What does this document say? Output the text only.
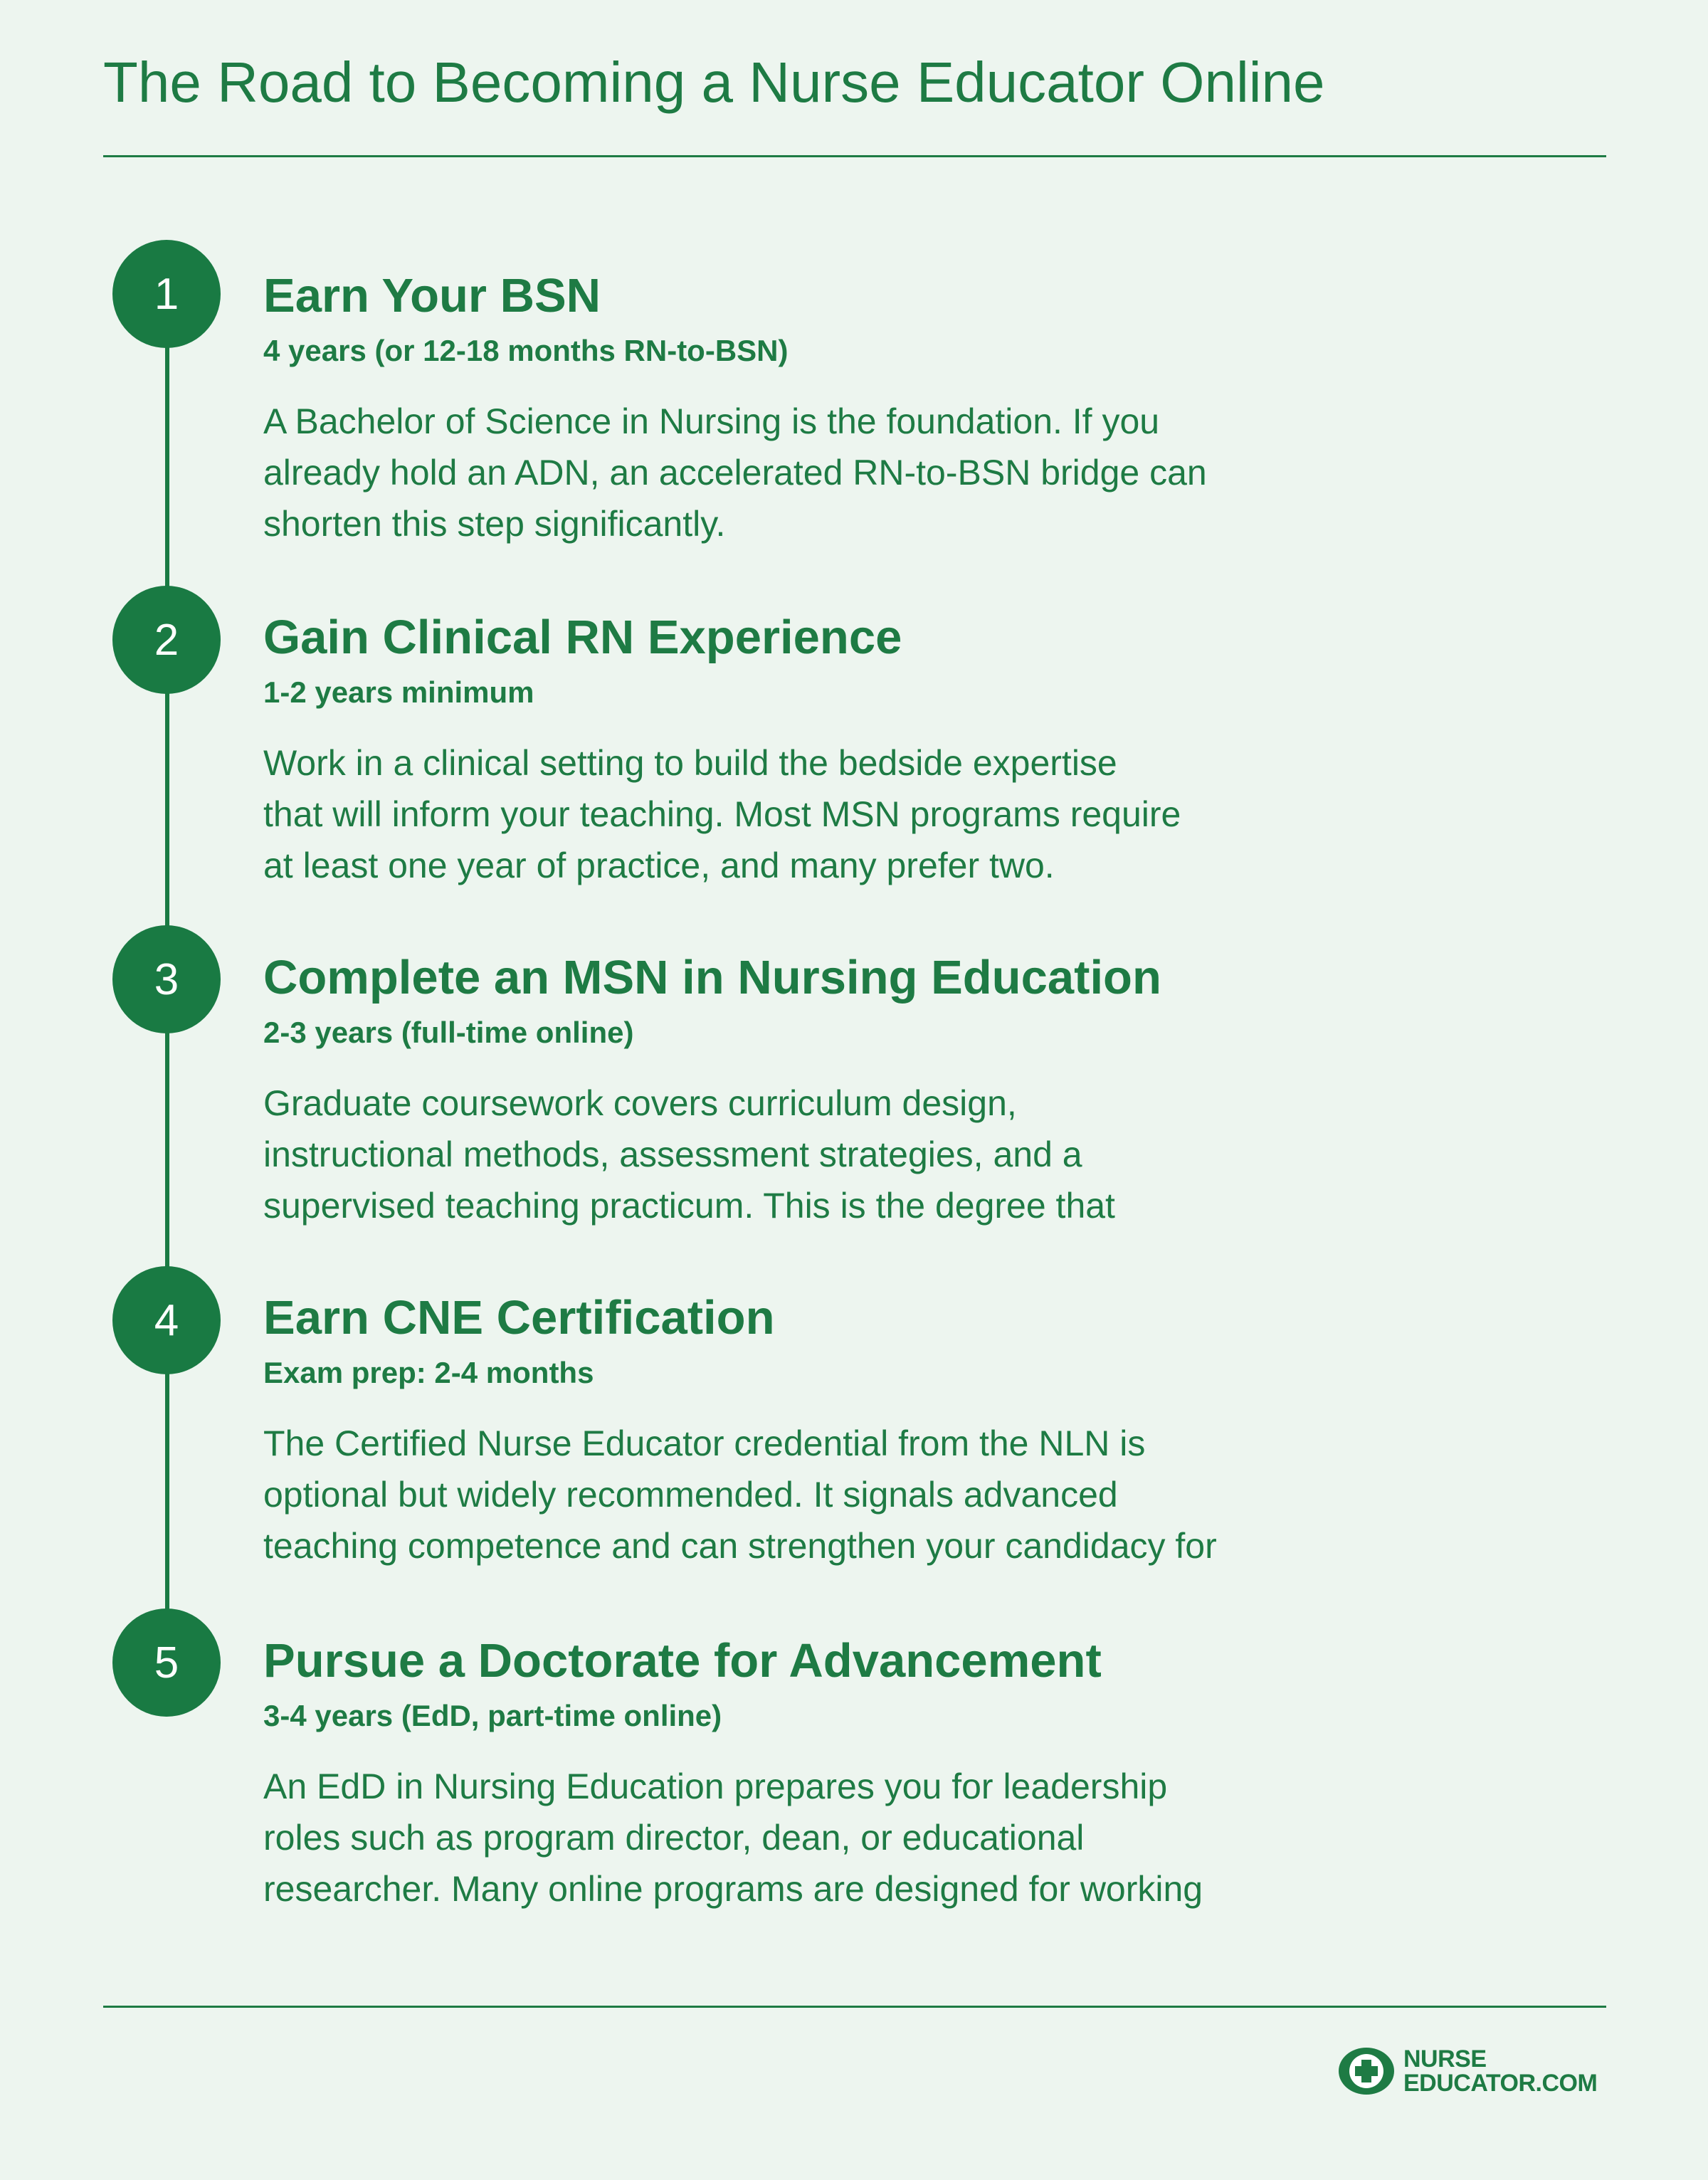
The Road to Becoming a Nurse Educator Online
1	Earn Your BSN
4 years (or 12-18 months RN-to-BSN)

A Bachelor of Science in Nursing is the foundation. If you
already hold an ADN, an accelerated RN-to-BSN bridge can
shorten this step significantly.

2	Gain Clinical RN Experience
1-2 years minimum

Work in a clinical setting to build the bedside expertise
that will inform your teaching. Most MSN programs require
at least one year of practice, and many prefer two.

3	Complete an MSN in Nursing Education
2-3 years (full-time online)

Graduate coursework covers curriculum design,
instructional methods, assessment strategies, and a
supervised teaching practicum. This is the degree that

4	Earn CNE Certification
Exam prep: 2-4 months

The Certified Nurse Educator credential from the NLN is
optional but widely recommended. It signals advanced
teaching competence and can strengthen your candidacy for

5	Pursue a Doctorate for Advancement
3-4 years (EdD, part-time online)

An EdD in Nursing Education prepares you for leadership
roles such as program director, dean, or educational
researcher. Many online programs are designed for working

NURSE
EDUCATOR.COM
